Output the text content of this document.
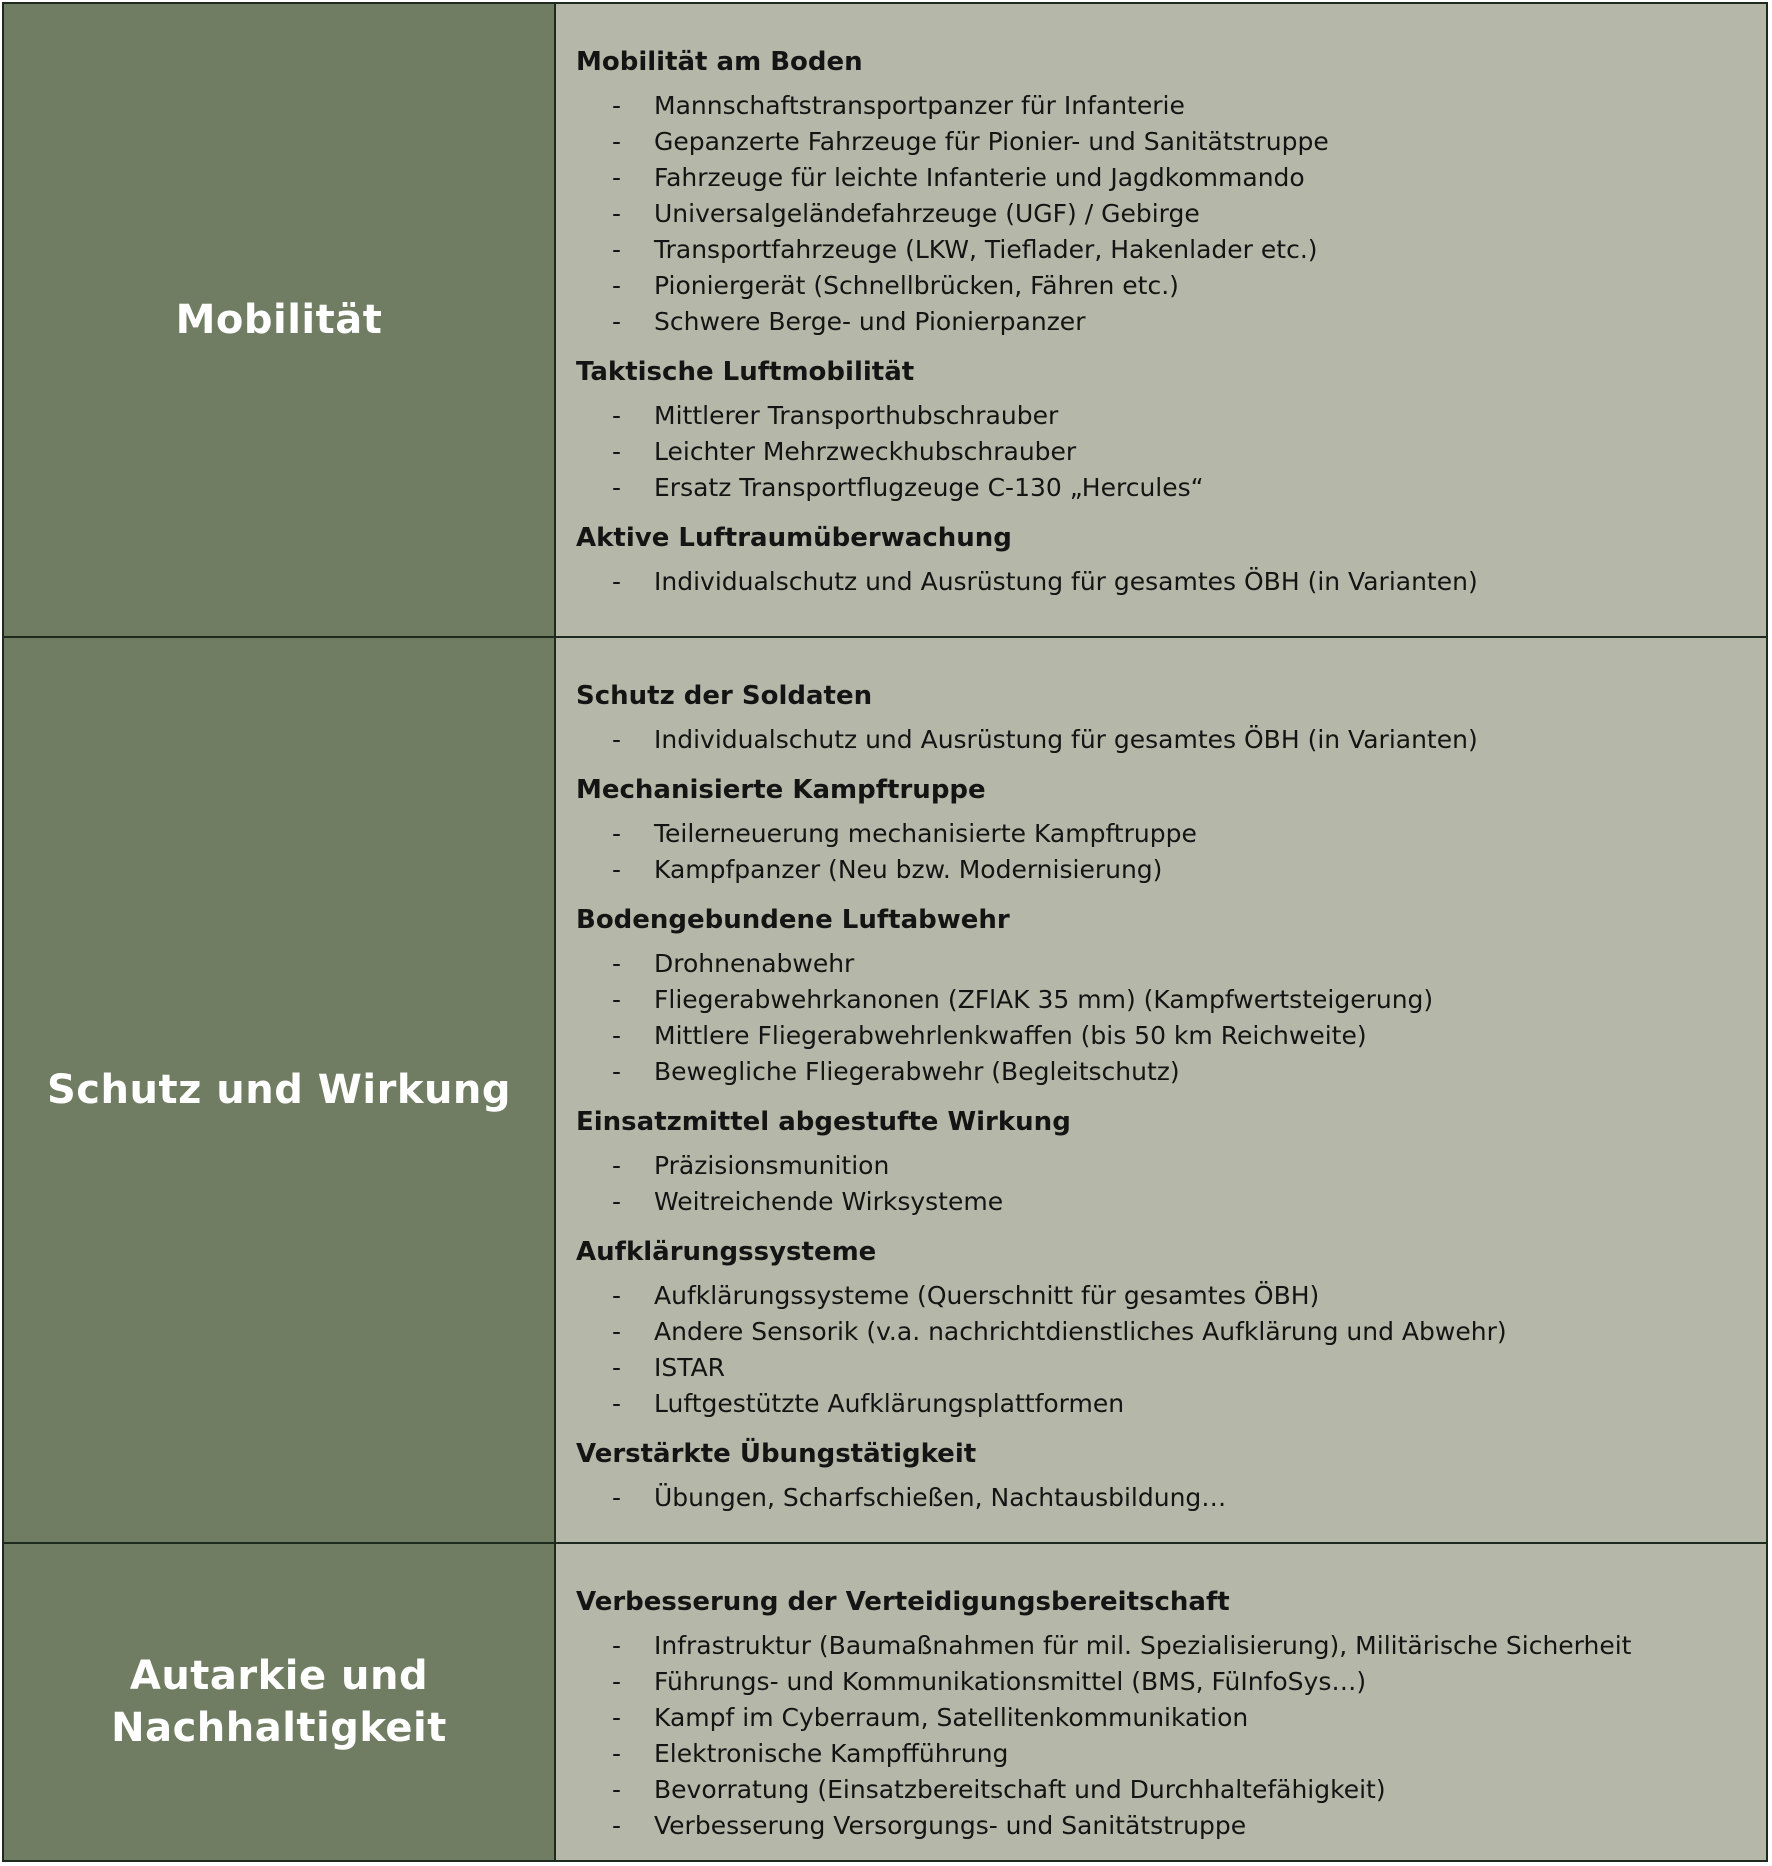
Mobilität
Mobilität am Boden
- Mannschaftstransportpanzer für Infanterie
- Gepanzerte Fahrzeuge für Pionier- und Sanitätstruppe
- Fahrzeuge für leichte Infanterie und Jagdkommando
- Universalgeländefahrzeuge (UGF) / Gebirge
- Transportfahrzeuge (LKW, Tieflader, Hakenlader etc.)
- Pioniergerät (Schnellbrücken, Fähren etc.)
- Schwere Berge- und Pionierpanzer
Taktische Luftmobilität
- Mittlerer Transporthubschrauber
- Leichter Mehrzweckhubschrauber
- Ersatz Transportflugzeuge C-130 „Hercules“
Aktive Luftraumüberwachung
- Individualschutz und Ausrüstung für gesamtes ÖBH (in Varianten)
Schutz und Wirkung
Schutz der Soldaten
- Individualschutz und Ausrüstung für gesamtes ÖBH (in Varianten)
Mechanisierte Kampftruppe
- Teilerneuerung mechanisierte Kampftruppe
- Kampfpanzer (Neu bzw. Modernisierung)
Bodengebundene Luftabwehr
- Drohnenabwehr
- Fliegerabwehrkanonen (ZFlAK 35 mm) (Kampfwertsteigerung)
- Mittlere Fliegerabwehrlenkwaffen (bis 50 km Reichweite)
- Bewegliche Fliegerabwehr (Begleitschutz)
Einsatzmittel abgestufte Wirkung
- Präzisionsmunition
- Weitreichende Wirksysteme
Aufklärungssysteme
- Aufklärungssysteme (Querschnitt für gesamtes ÖBH)
- Andere Sensorik (v.a. nachrichtdienstliches Aufklärung und Abwehr)
- ISTAR
- Luftgestützte Aufklärungsplattformen
Verstärkte Übungstätigkeit
- Übungen, Scharfschießen, Nachtausbildung…
Autarkie und
Nachhaltigkeit
Verbesserung der Verteidigungsbereitschaft
- Infrastruktur (Baumaßnahmen für mil. Spezialisierung), Militärische Sicherheit
- Führungs- und Kommunikationsmittel (BMS, FüInfoSys…)
- Kampf im Cyberraum, Satellitenkommunikation
- Elektronische Kampfführung
- Bevorratung (Einsatzbereitschaft und Durchhaltefähigkeit)
- Verbesserung Versorgungs- und Sanitätstruppe
